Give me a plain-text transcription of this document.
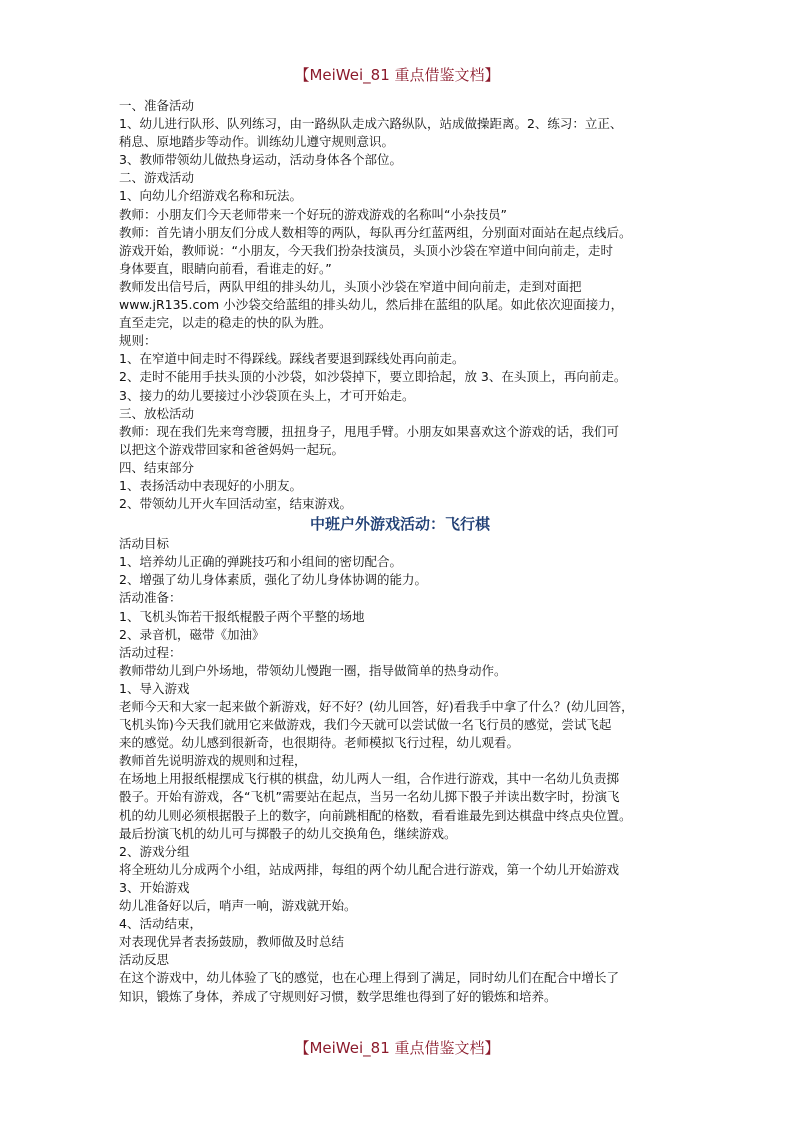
【MeiWei_81 重点借鉴文档】
一、准备活动
1、幼儿进行队形、队列练习，由一路纵队走成六路纵队，站成做操距离。2、练习：立正、
稍息、原地踏步等动作。训练幼儿遵守规则意识。
3、教师带领幼儿做热身运动，活动身体各个部位。
二、游戏活动
1、向幼儿介绍游戏名称和玩法。
教师：小朋友们今天老师带来一个好玩的游戏游戏的名称叫“小杂技员”
教师：首先请小朋友们分成人数相等的两队，每队再分红蓝两组，分别面对面站在起点线后。
游戏开始，教师说：“小朋友，今天我们扮杂技演员，头顶小沙袋在窄道中间向前走，走时
身体要直，眼睛向前看，看谁走的好。”
教师发出信号后，两队甲组的排头幼儿，头顶小沙袋在窄道中间向前走，走到对面把
www.jR135.com 小沙袋交给蓝组的排头幼儿，然后排在蓝组的队尾。如此依次迎面接力，
直至走完，以走的稳走的快的队为胜。
规则：
1、在窄道中间走时不得踩线。踩线者要退到踩线处再向前走。
2、走时不能用手扶头顶的小沙袋，如沙袋掉下，要立即拾起，放 3、在头顶上，再向前走。
3、接力的幼儿要接过小沙袋顶在头上，才可开始走。
三、放松活动
教师：现在我们先来弯弯腰，扭扭身子，甩甩手臂。小朋友如果喜欢这个游戏的话，我们可
以把这个游戏带回家和爸爸妈妈一起玩。
四、结束部分
1、表扬活动中表现好的小朋友。
2、带领幼儿开火车回活动室，结束游戏。
中班户外游戏活动：飞行棋
活动目标
1、培养幼儿正确的弹跳技巧和小组间的密切配合。
2、增强了幼儿身体素质，强化了幼儿身体协调的能力。
活动准备：
1、飞机头饰若干报纸棍骰子两个平整的场地
2、录音机，磁带《加油》
活动过程：
教师带幼儿到户外场地，带领幼儿慢跑一圈，指导做简单的热身动作。
1、导入游戏
老师今天和大家一起来做个新游戏，好不好？(幼儿回答，好)看我手中拿了什么？(幼儿回答，
飞机头饰)今天我们就用它来做游戏，我们今天就可以尝试做一名飞行员的感觉，尝试飞起
来的感觉。幼儿感到很新奇，也很期待。老师模拟飞行过程，幼儿观看。
教师首先说明游戏的规则和过程，
在场地上用报纸棍摆成飞行棋的棋盘，幼儿两人一组，合作进行游戏，其中一名幼儿负责掷
骰子。开始有游戏，各“飞机”需要站在起点，当另一名幼儿掷下骰子并读出数字时，扮演飞
机的幼儿则必须根据骰子上的数字，向前跳相配的格数，看看谁最先到达棋盘中终点央位置。
最后扮演飞机的幼儿可与掷骰子的幼儿交换角色，继续游戏。
2、游戏分组
将全班幼儿分成两个小组，站成两排，每组的两个幼儿配合进行游戏，第一个幼儿开始游戏
3、开始游戏
幼儿准备好以后，哨声一响，游戏就开始。
4、活动结束，
对表现优异者表扬鼓励，教师做及时总结
活动反思
在这个游戏中，幼儿体验了飞的感觉，也在心理上得到了满足，同时幼儿们在配合中增长了
知识，锻炼了身体，养成了守规则好习惯，数学思维也得到了好的锻炼和培养。
【MeiWei_81 重点借鉴文档】
